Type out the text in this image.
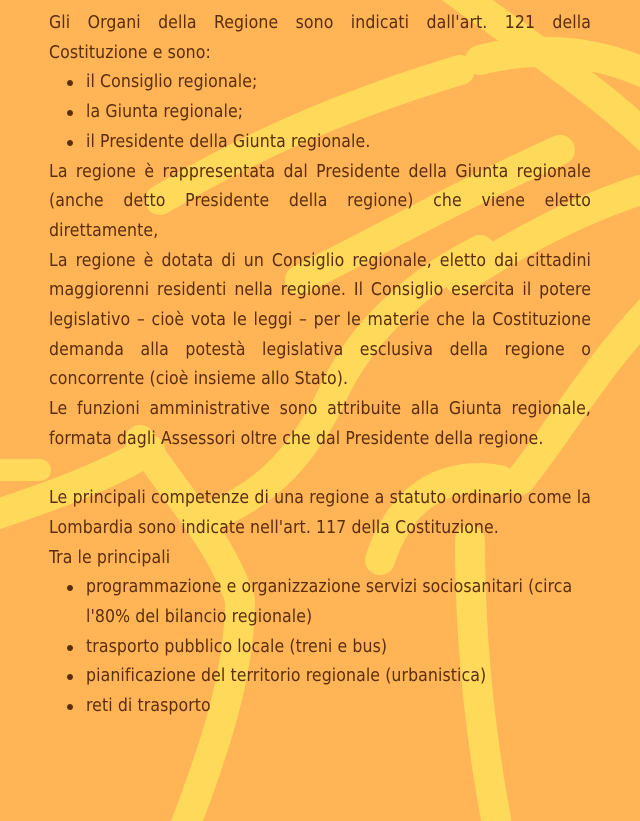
Gli Organi della Regione sono indicati dall'art. 121 della Costituzione e sono:

il Consiglio regionale;
la Giunta regionale;
il Presidente della Giunta regionale.

La regione è rappresentata dal Presidente della Giunta regionale (anche detto Presidente della regione) che viene eletto direttamente,

La regione è dotata di un Consiglio regionale, eletto dai cittadini maggiorenni residenti nella regione. Il Consiglio esercita il potere legislativo – cioè vota le leggi – per le materie che la Costituzione demanda alla potestà legislativa esclusiva della regione o concorrente (cioè insieme allo Stato).

Le funzioni amministrative sono attribuite alla Giunta regionale, formata dagli Assessori oltre che dal Presidente della regione.

Le principali competenze di una regione a statuto ordinario come la Lombardia sono indicate nell'art. 117 della Costituzione.

Tra le principali

programmazione e organizzazione servizi sociosanitari (circa l'80% del bilancio regionale)
trasporto pubblico locale (treni e bus)
pianificazione del territorio regionale (urbanistica)
reti di trasporto
